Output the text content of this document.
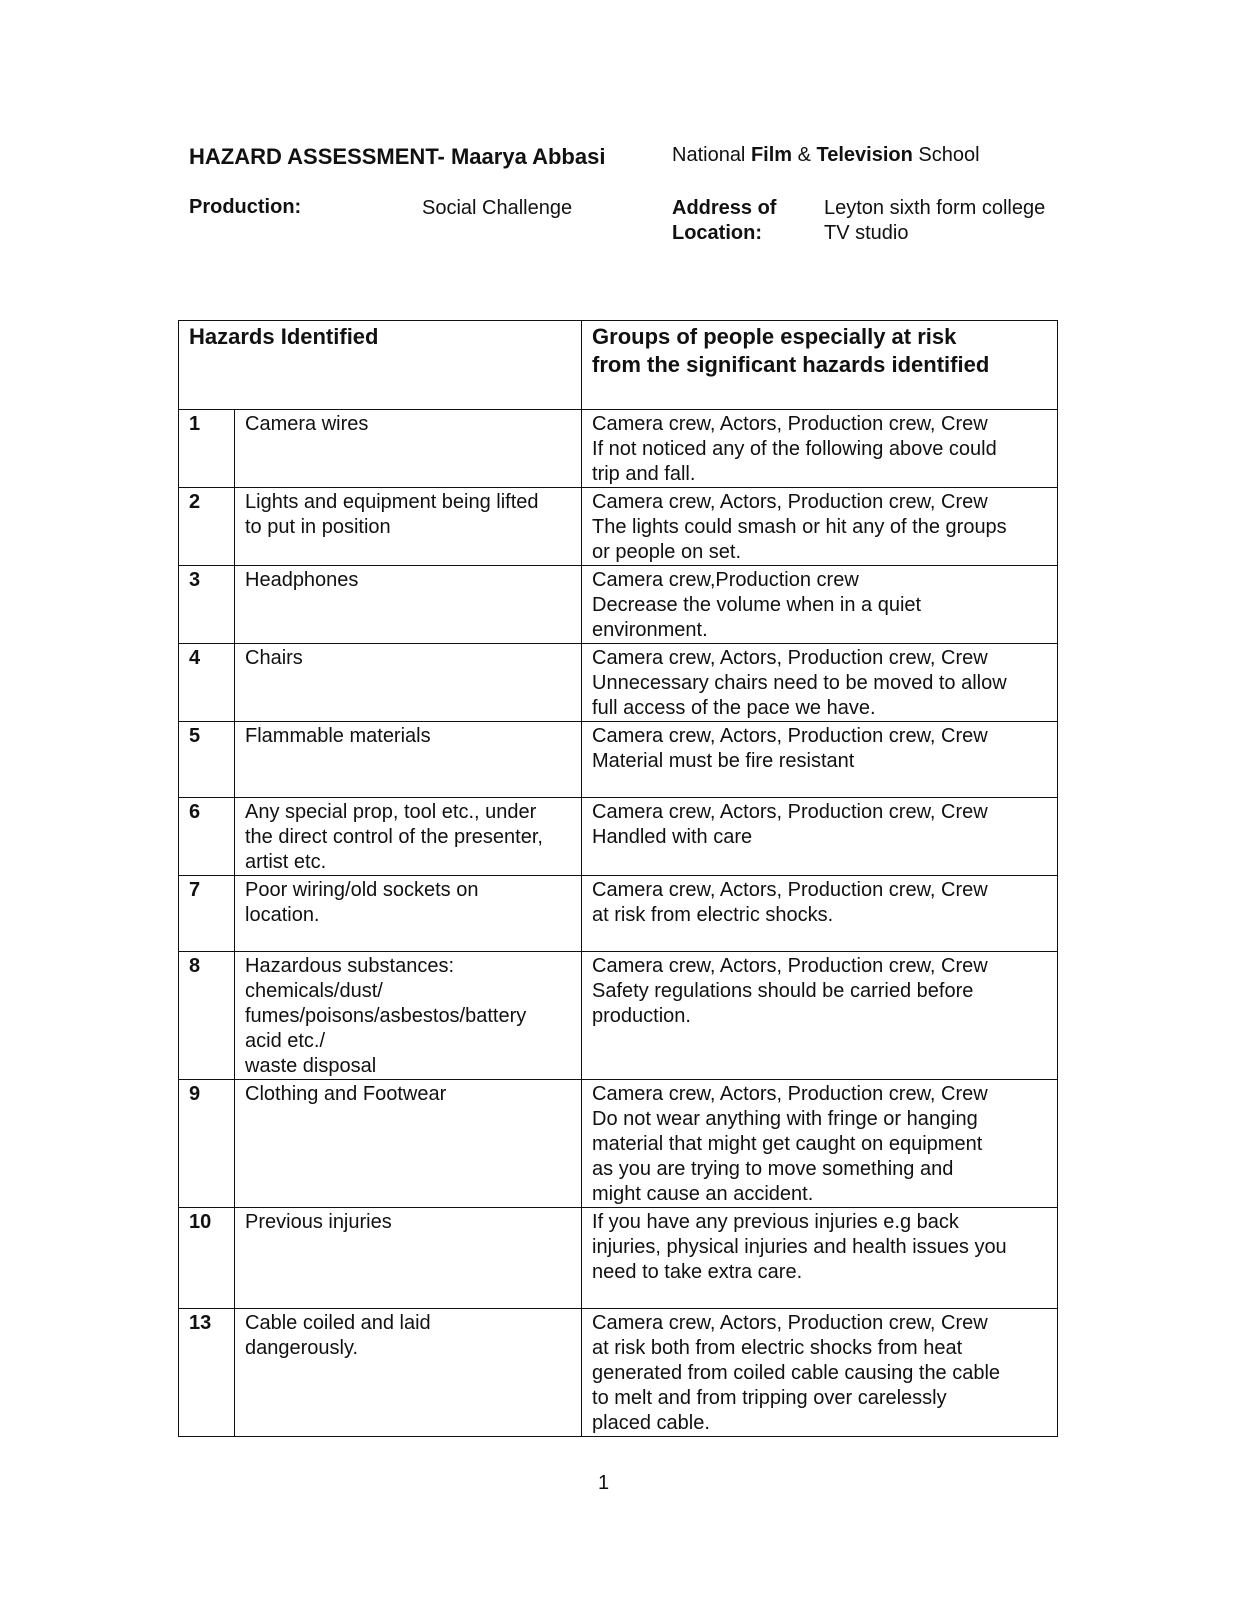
HAZARD ASSESSMENT- Maarya Abbasi	National Film & Television School
Production:	Social Challenge	Address of
Location:
Leyton sixth form college
TV studio
Hazards Identified		Groups of people especially at risk
from the significant hazards identified
1	Camera wires	Camera crew, Actors, Production crew, Crew
If not noticed any of the following above could
trip and fall.
2	Lights and equipment being lifted
to put in position	Camera crew, Actors, Production crew, Crew
The lights could smash or hit any of the groups
or people on set.
3	Headphones	Camera crew,Production crew
Decrease the volume when in a quiet
environment.
4	Chairs	Camera crew, Actors, Production crew, Crew
Unnecessary chairs need to be moved to allow
full access of the pace we have.
5	Flammable materials	Camera crew, Actors, Production crew, Crew
Material must be fire resistant
6	Any special prop, tool etc., under
the direct control of the presenter,
artist etc.	Camera crew, Actors, Production crew, Crew
Handled with care
7	Poor wiring/old sockets on
location.	Camera crew, Actors, Production crew, Crew
at risk from electric shocks.
8	Hazardous substances:
chemicals/dust/
fumes/poisons/asbestos/battery
acid etc./
waste disposal	Camera crew, Actors, Production crew, Crew
Safety regulations should be carried before
production.
9	Clothing and Footwear	Camera crew, Actors, Production crew, Crew
Do not wear anything with fringe or hanging
material that might get caught on equipment
as you are trying to move something and
might cause an accident.
10	Previous injuries	If you have any previous injuries e.g back
injuries, physical injuries and health issues you
need to take extra care.
13	Cable coiled and laid
dangerously.	Camera crew, Actors, Production crew, Crew
at risk both from electric shocks from heat
generated from coiled cable causing the cable
to melt and from tripping over carelessly
placed cable.
1
